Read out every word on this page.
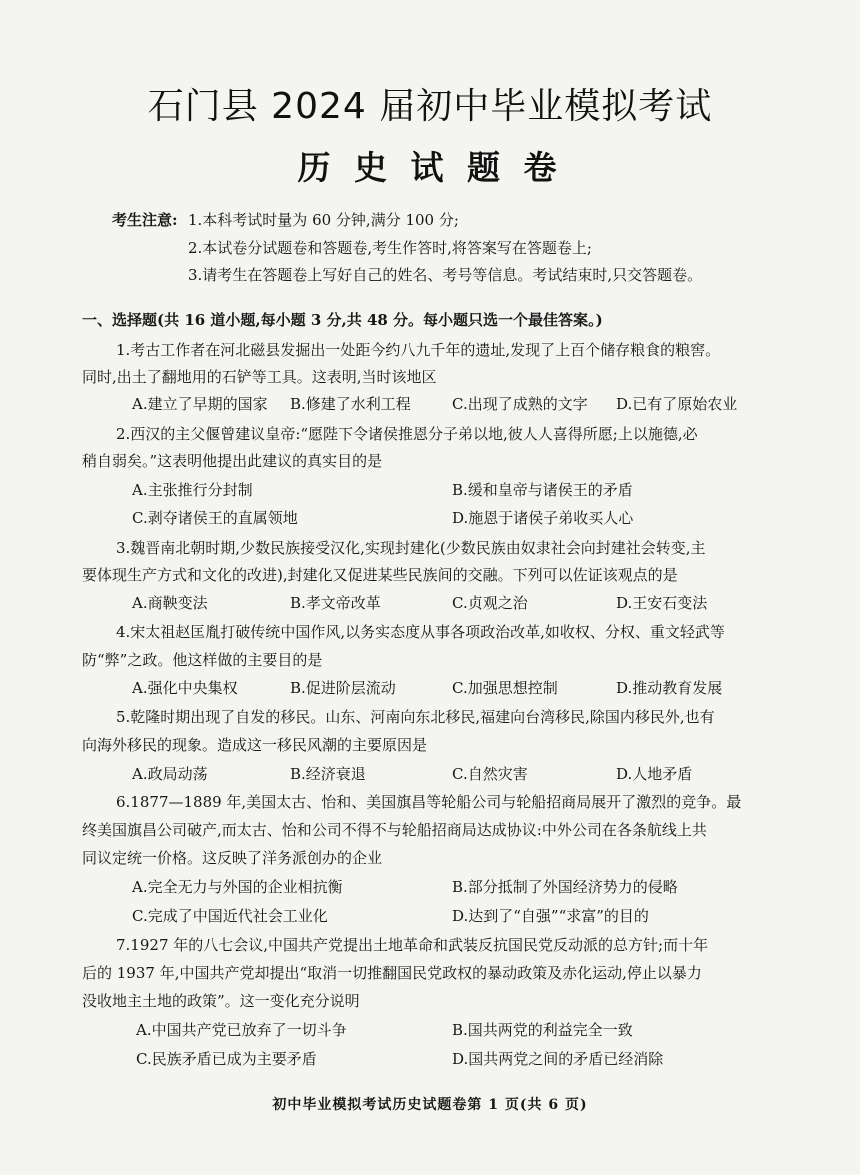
石门县 2024 届初中毕业模拟考试
历 史 试 题 卷
考生注意: 1.本科考试时量为 60 分钟,满分 100 分;
2.本试卷分试题卷和答题卷,考生作答时,将答案写在答题卷上;
3.请考生在答题卷上写好自己的姓名、考号等信息。考试结束时,只交答题卷。
一、选择题(共 16 道小题,每小题 3 分,共 48 分。每小题只选一个最佳答案。)
1.考古工作者在河北磁县发掘出一处距今约八九千年的遗址,发现了上百个储存粮食的粮窖。
同时,出土了翻地用的石铲等工具。这表明,当时该地区
A.建立了早期的国家 B.修建了水利工程	C.出现了成熟的文字 D.已有了原始农业
2.西汉的主父偃曾建议皇帝:“愿陛下令诸侯推恩分子弟以地,彼人人喜得所愿;上以施德,必
稍自弱矣。”这表明他提出此建议的真实目的是
A.主张推行分封制	B.缓和皇帝与诸侯王的矛盾
C.剥夺诸侯王的直属领地	D.施恩于诸侯子弟收买人心
3.魏晋南北朝时期,少数民族接受汉化,实现封建化(少数民族由奴隶社会向封建社会转变,主
要体现生产方式和文化的改进),封建化又促进某些民族间的交融。下列可以佐证该观点的是
A.商鞅变法	B.孝文帝改革	C.贞观之治	D.王安石变法
4.宋太祖赵匡胤打破传统中国作风,以务实态度从事各项政治改革,如收权、分权、重文轻武等
防“弊”之政。他这样做的主要目的是
A.强化中央集权	B.促进阶层流动	C.加强思想控制	D.推动教育发展
5.乾隆时期出现了自发的移民。山东、河南向东北移民,福建向台湾移民,除国内移民外,也有
向海外移民的现象。造成这一移民风潮的主要原因是
A.政局动荡	B.经济衰退	C.自然灾害	D.人地矛盾
6.1877—1889 年,美国太古、怡和、美国旗昌等轮船公司与轮船招商局展开了激烈的竞争。最
终美国旗昌公司破产,而太古、怡和公司不得不与轮船招商局达成协议:中外公司在各条航线上共
同议定统一价格。这反映了洋务派创办的企业
A.完全无力与外国的企业相抗衡	B.部分抵制了外国经济势力的侵略
C.完成了中国近代社会工业化	D.达到了“自强”“求富”的目的
7.1927 年的八七会议,中国共产党提出土地革命和武装反抗国民党反动派的总方针;而十年
后的 1937 年,中国共产党却提出“取消一切推翻国民党政权的暴动政策及赤化运动,停止以暴力
没收地主土地的政策”。这一变化充分说明
A.中国共产党已放弃了一切斗争	B.国共两党的利益完全一致
C.民族矛盾已成为主要矛盾	D.国共两党之间的矛盾已经消除
初中毕业模拟考试历史试题卷第 1 页(共 6 页)
